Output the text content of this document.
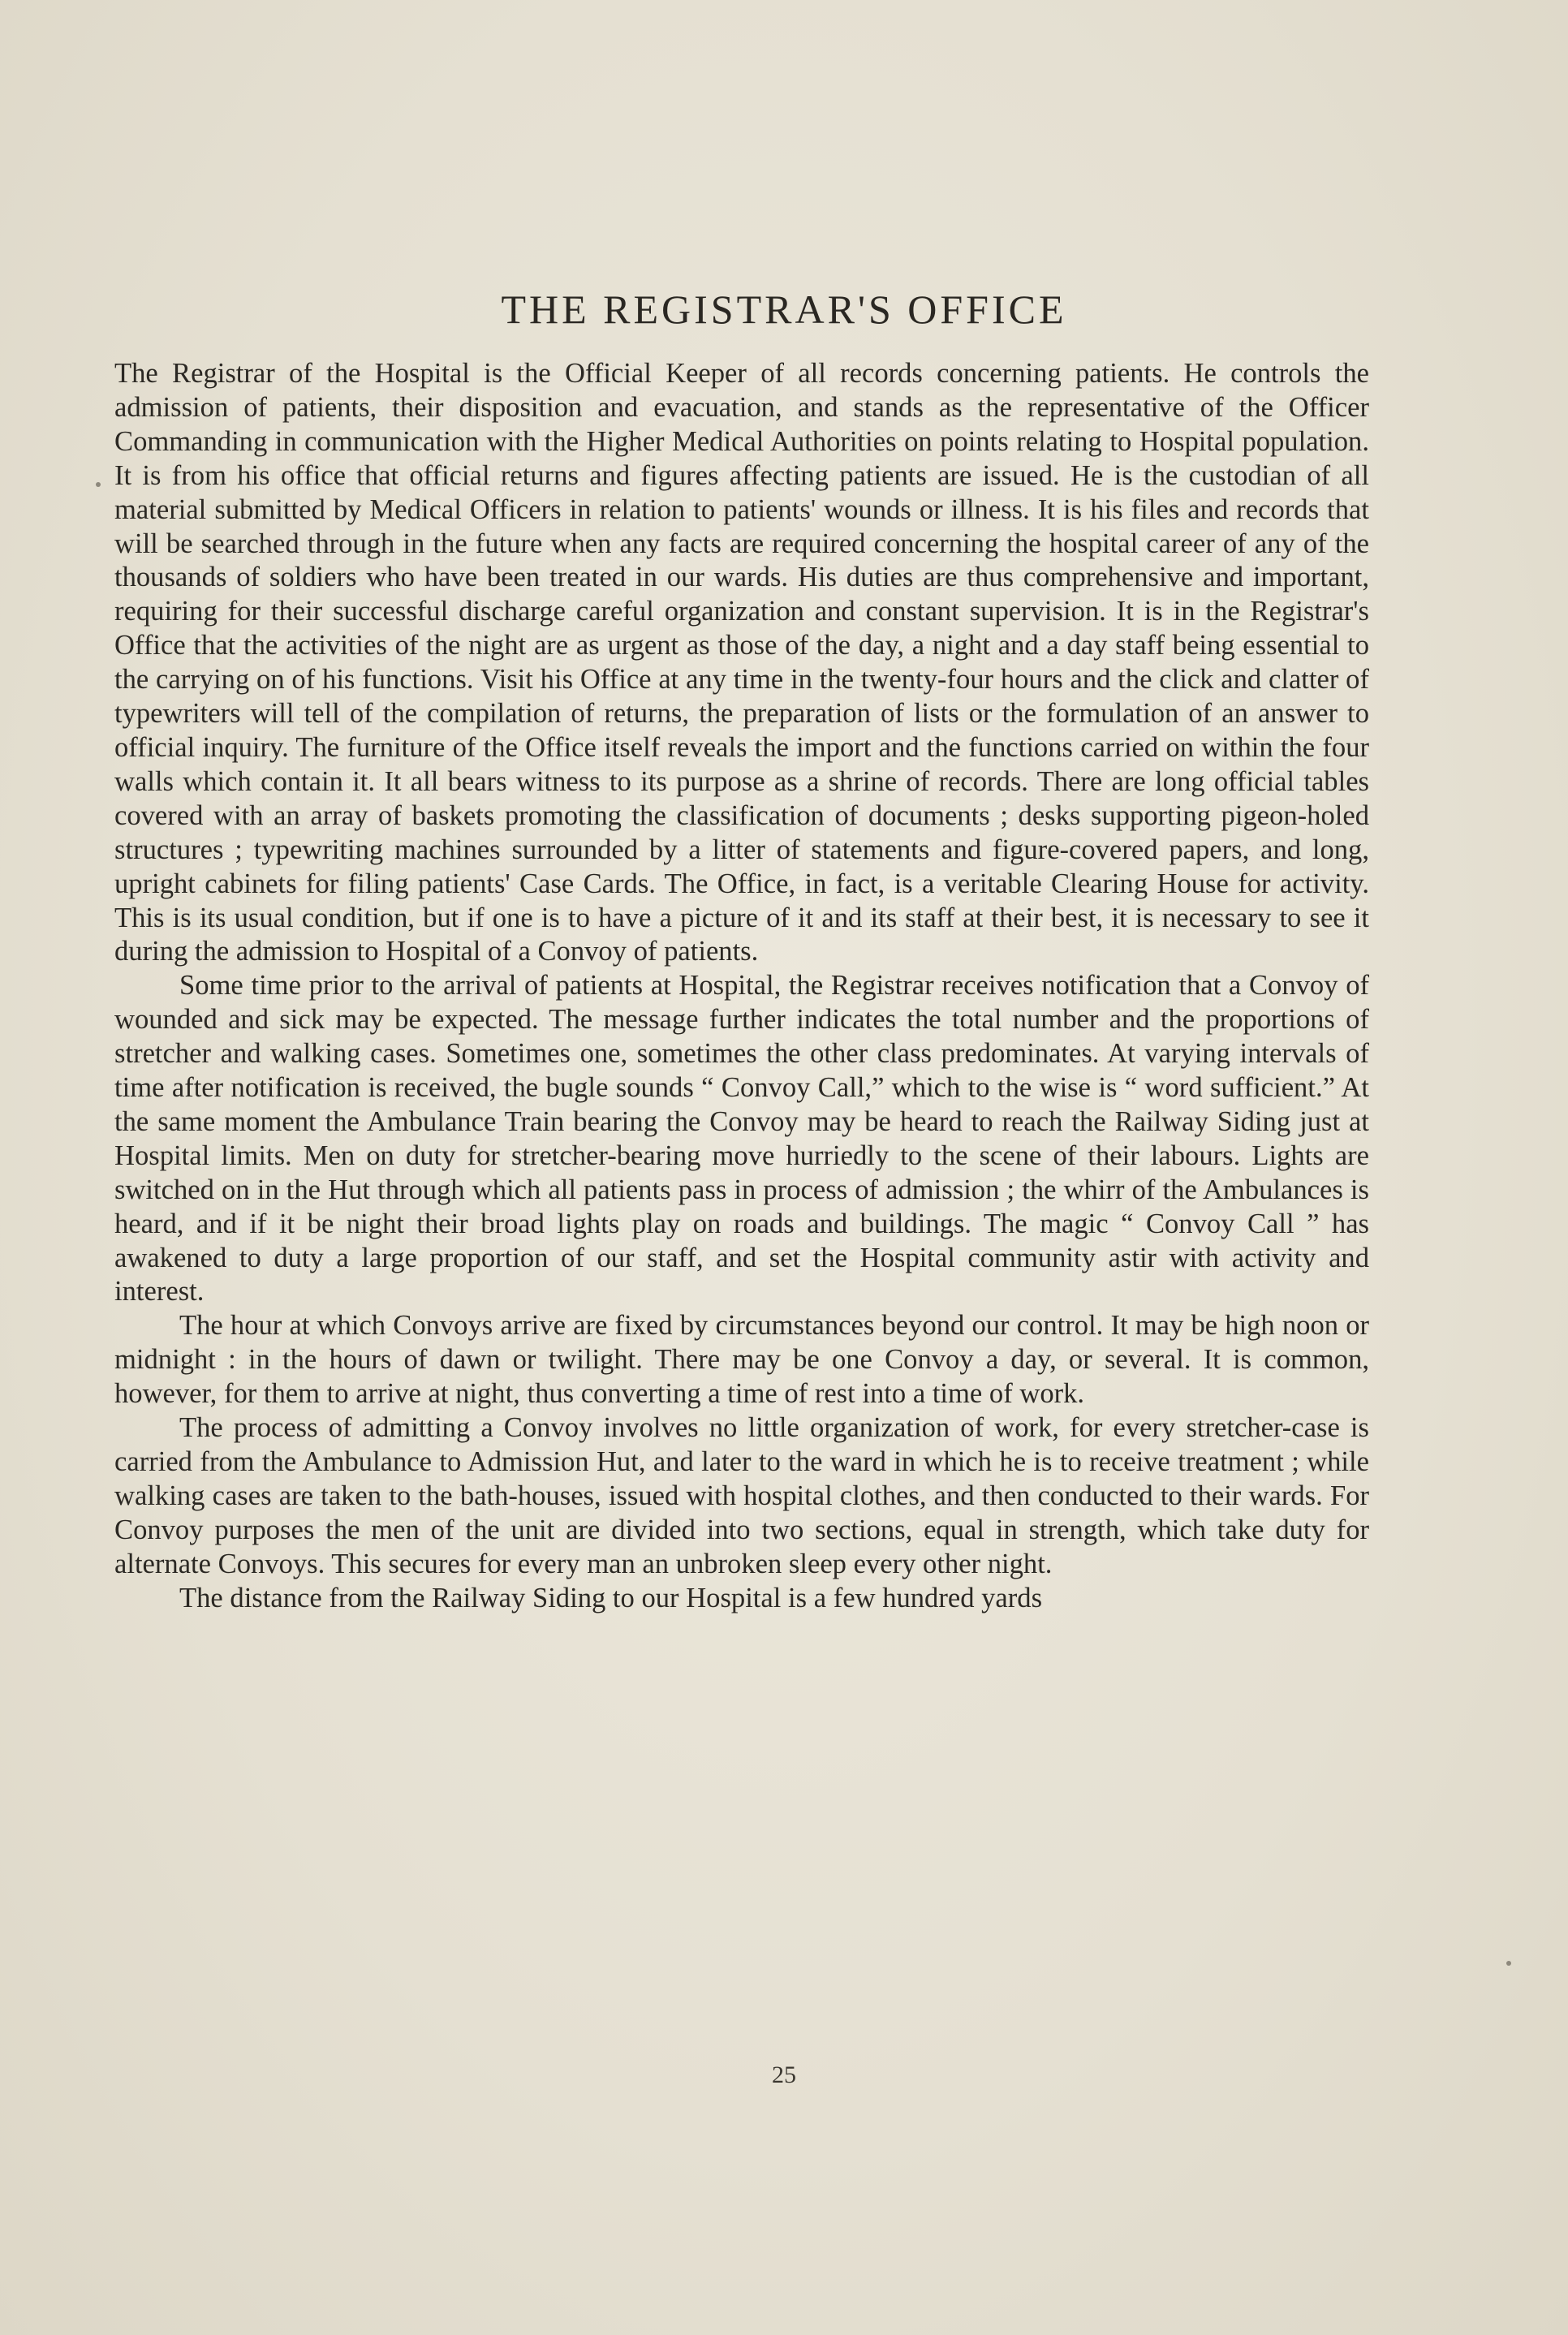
THE REGISTRAR'S OFFICE

The Registrar of the Hospital is the Official Keeper of all records concerning patients. He controls the admission of patients, their disposition and evacuation, and stands as the representative of the Officer Commanding in communication with the Higher Medical Authorities on points relating to Hospital population. It is from his office that official returns and figures affecting patients are issued. He is the custodian of all material submitted by Medical Officers in relation to patients' wounds or illness. It is his files and records that will be searched through in the future when any facts are required concerning the hospital career of any of the thousands of soldiers who have been treated in our wards. His duties are thus comprehensive and important, requiring for their successful discharge careful organization and constant supervision. It is in the Registrar's Office that the activities of the night are as urgent as those of the day, a night and a day staff being essential to the carrying on of his functions. Visit his Office at any time in the twenty-four hours and the click and clatter of typewriters will tell of the compilation of returns, the preparation of lists or the formulation of an answer to official inquiry. The furniture of the Office itself reveals the import and the functions carried on within the four walls which contain it. It all bears witness to its purpose as a shrine of records. There are long official tables covered with an array of baskets promoting the classification of documents ; desks supporting pigeon-holed structures ; typewriting machines surrounded by a litter of statements and figure-covered papers, and long, upright cabinets for filing patients' Case Cards. The Office, in fact, is a veritable Clearing House for activity. This is its usual condition, but if one is to have a picture of it and its staff at their best, it is necessary to see it during the admission to Hospital of a Convoy of patients.

Some time prior to the arrival of patients at Hospital, the Registrar receives notification that a Convoy of wounded and sick may be expected. The message further indicates the total number and the proportions of stretcher and walking cases. Sometimes one, sometimes the other class predominates. At varying intervals of time after notification is received, the bugle sounds “ Convoy Call,” which to the wise is “ word sufficient.” At the same moment the Ambulance Train bearing the Convoy may be heard to reach the Railway Siding just at Hospital limits. Men on duty for stretcher-bearing move hurriedly to the scene of their labours. Lights are switched on in the Hut through which all patients pass in process of admission ; the whirr of the Ambulances is heard, and if it be night their broad lights play on roads and buildings. The magic “ Convoy Call ” has awakened to duty a large proportion of our staff, and set the Hospital community astir with activity and interest.

The hour at which Convoys arrive are fixed by circumstances beyond our control. It may be high noon or midnight : in the hours of dawn or twilight. There may be one Convoy a day, or several. It is common, however, for them to arrive at night, thus converting a time of rest into a time of work.

The process of admitting a Convoy involves no little organization of work, for every stretcher-case is carried from the Ambulance to Admission Hut, and later to the ward in which he is to receive treatment ; while walking cases are taken to the bath-houses, issued with hospital clothes, and then conducted to their wards. For Convoy purposes the men of the unit are divided into two sections, equal in strength, which take duty for alternate Convoys. This secures for every man an unbroken sleep every other night.

The distance from the Railway Siding to our Hospital is a few hundred yards

25
